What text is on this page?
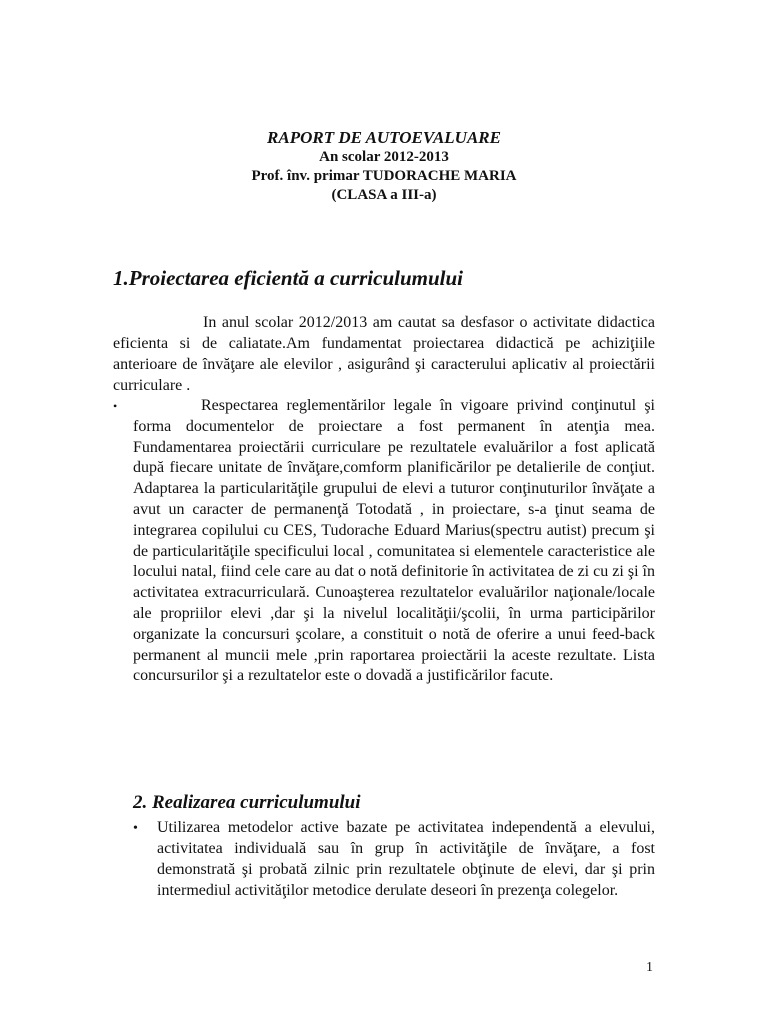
RAPORT DE AUTOEVALUARE
An scolar 2012-2013
Prof. înv. primar TUDORACHE MARIA
(CLASA a III-a)
1.Proiectarea eficientă a curriculumului

In anul scolar 2012/2013 am cautat sa desfasor o activitate didactica eficienta si de caliatate.Am fundamentat proiectarea didactică pe achiziţiile anterioare de învăţare ale elevilor , asigurând şi caracterului aplicativ al proiectării curriculare .

•	Respectarea reglementărilor legale în vigoare privind conţinutul şi forma documentelor de proiectare a fost permanent în atenţia mea. Fundamentarea proiectării curriculare pe rezultatele evaluărilor a fost aplicată după fiecare unitate de învăţare,comform planificărilor pe detalierile de conţiut. Adaptarea la particularităţile grupului de elevi a tuturor conţinuturilor învăţate a avut un caracter de permanenţă Totodată , in proiectare, s-a ţinut seama de integrarea copilului cu CES, Tudorache Eduard Marius(spectru autist) precum şi de particularităţile specificului local , comunitatea si elementele caracteristice ale locului natal, fiind cele care au dat o notă definitorie în activitatea de zi cu zi şi în activitatea extracurriculară. Cunoaşterea rezultatelor evaluărilor naţionale/locale ale propriilor elevi ,dar şi la nivelul localităţii/şcolii, în urma participărilor organizate la concursuri şcolare, a constituit o notă de oferire a unui feed-back permanent al muncii mele ,prin raportarea proiectării la aceste rezultate. Lista concursurilor şi a rezultatelor este o dovadă a justificărilor facute.
2. Realizarea curriculumului
• Utilizarea metodelor active bazate pe activitatea independentă a elevului, activitatea individuală sau în grup în activităţile de învăţare, a fost demonstrată şi probată zilnic prin rezultatele obţinute de elevi, dar şi prin intermediul activităţilor metodice derulate deseori în prezenţa colegelor.
1
